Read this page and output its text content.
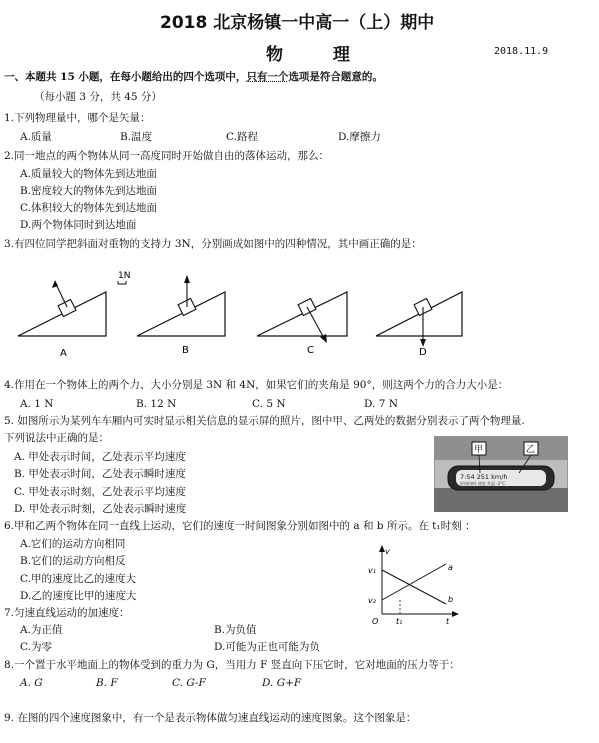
2018 北京杨镇一中高一（上）期中
物 理	2018.11.9
一、本题共 15 小题，在每小题给出的四个选项中，只有一个选项是符合题意的。
（每小题 3 分，共 45 分）
1.下列物理量中，哪个是矢量：
A.质量	B.温度	C.路程	D.摩擦力
2.同一地点的两个物体从同一高度同时开始做自由的落体运动，那么：
A.质量较大的物体先到达地面
B.密度较大的物体先到达地面
C.体积较大的物体先到达地面
D.两个物体同时到达地面
3.有四位同学把斜面对重物的支持力 3N，分别画成如图中的四种情况，其中画正确的是：
1N
A	B	C	D
4.作用在一个物体上的两个力、大小分别是 3N 和 4N，如果它们的夹角是 90°，则这两个力的合力大小是：
A. 1 N	B. 12 N	C. 5 N	D. 7 N
5. 如图所示为某列车车厢内可实时显示相关信息的显示屏的照片，图中甲、乙两处的数据分别表示了两个物理量.
下列说法中正确的是：
A. 甲处表示时间，乙处表示平均速度
B. 甲处表示时间，乙处表示瞬时速度
C. 甲处表示时刻，乙处表示平均速度
D. 甲处表示时刻，乙处表示瞬时速度
7:54 251 km/h
时间(Int) 速度 外温 -2°C
甲	乙
6.甲和乙两个物体在同一直线上运动，它们的速度一时间图象分别如图中的 a 和 b 所示。在 t₁时刻 ：
A.它们的运动方向相同
B.它们的运动方向相反
C.甲的速度比乙的速度大
D.乙的速度比甲的速度大
v
t
O
v₁
v₂
t₁
a
b
7.匀速直线运动的加速度：
A.为正值	B.为负值
C.为零	D.可能为正也可能为负
8.一个置于水平地面上的物体受到的重力为 G，当用力 F 竖直向下压它时，它对地面的压力等于：
A. G	B. F	C. G-F	D. G+F
9. 在图的四个速度图象中，有一个是表示物体做匀速直线运动的速度图象。这个图象是：
